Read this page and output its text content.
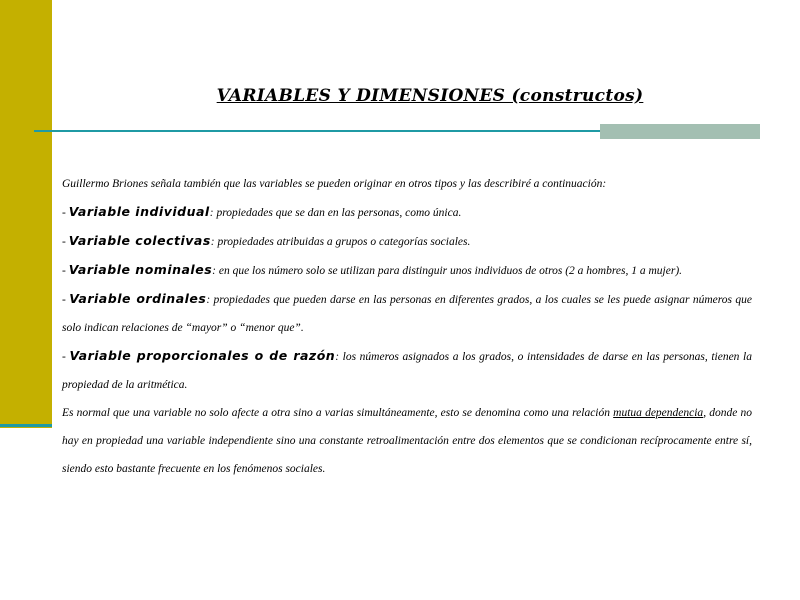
VARIABLES Y DIMENSIONES (constructos)

Guillermo Briones señala también que las variables se pueden originar en otros tipos y las describiré a continuación:

- Variable individual: propiedades que se dan en las personas, como única.

- Variable colectivas: propiedades atribuidas a grupos o categorías sociales.

- Variable nominales: en que los número solo se utilizan para distinguir unos individuos de otros (2 a hombres, 1 a mujer).

- Variable ordinales: propiedades que pueden darse en las personas en diferentes grados, a los cuales se les puede asignar números que solo indican relaciones de “mayor” o “menor que”.

- Variable proporcionales o de razón: los números asignados a los grados, o intensidades de darse en las personas, tienen la propiedad de la aritmética.

Es normal que una variable no solo afecte a otra sino a varias simultáneamente, esto se denomina como una relación mutua dependencia, donde no hay en propiedad una variable independiente sino una constante retroalimentación entre dos elementos que se condicionan recíprocamente entre sí, siendo esto bastante frecuente en los fenómenos sociales.
